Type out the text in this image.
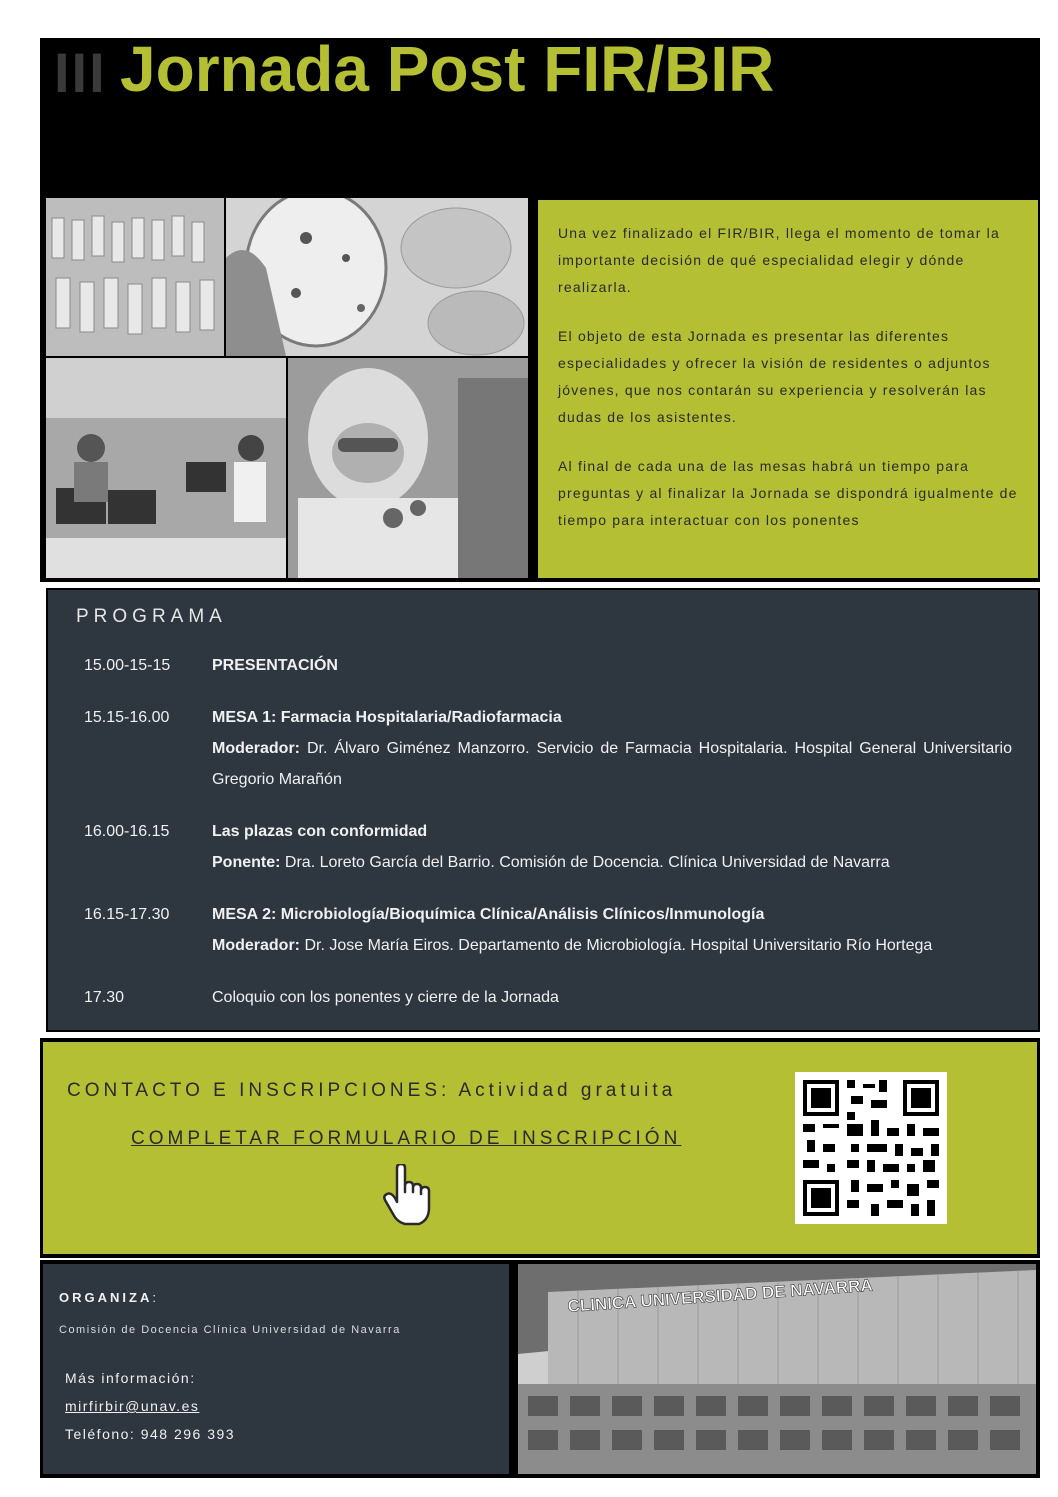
III Jornada Post FIR/BIR

Una vez finalizado el FIR/BIR, llega el momento de tomar la importante decisión de qué especialidad elegir y dónde realizarla.

El objeto de esta Jornada es presentar las diferentes especialidades y ofrecer la visión de residentes o adjuntos jóvenes, que nos contarán su experiencia y resolverán las dudas de los asistentes.

Al final de cada una de las mesas habrá un tiempo para preguntas y al finalizar la Jornada se dispondrá igualmente de tiempo para interactuar con los ponentes

PROGRAMA
15.00-15-15	PRESENTACIÓN
15.15-16.00	MESA 1: Farmacia Hospitalaria/Radiofarmacia
Moderador: Dr. Álvaro Giménez Manzorro. Servicio de Farmacia Hospitalaria. Hospital General Universitario Gregorio Marañón
16.00-16.15	Las plazas con conformidad
Ponente: Dra. Loreto García del Barrio. Comisión de Docencia. Clínica Universidad de Navarra
16.15-17.30	MESA 2: Microbiología/Bioquímica Clínica/Análisis Clínicos/Inmunología
Moderador: Dr. Jose María Eiros. Departamento de Microbiología. Hospital Universitario Río Hortega
17.30	Coloquio con los ponentes y cierre de la Jornada
CONTACTO E INSCRIPCIONES: Actividad gratuita
COMPLETAR FORMULARIO DE INSCRIPCIÓN
ORGANIZA:
Comisión de Docencia Clínica Universidad de Navarra
Más información:
mirfirbir@unav.es
Teléfono: 948 296 393
CLINICA UNIVERSIDAD DE NAVARRA
